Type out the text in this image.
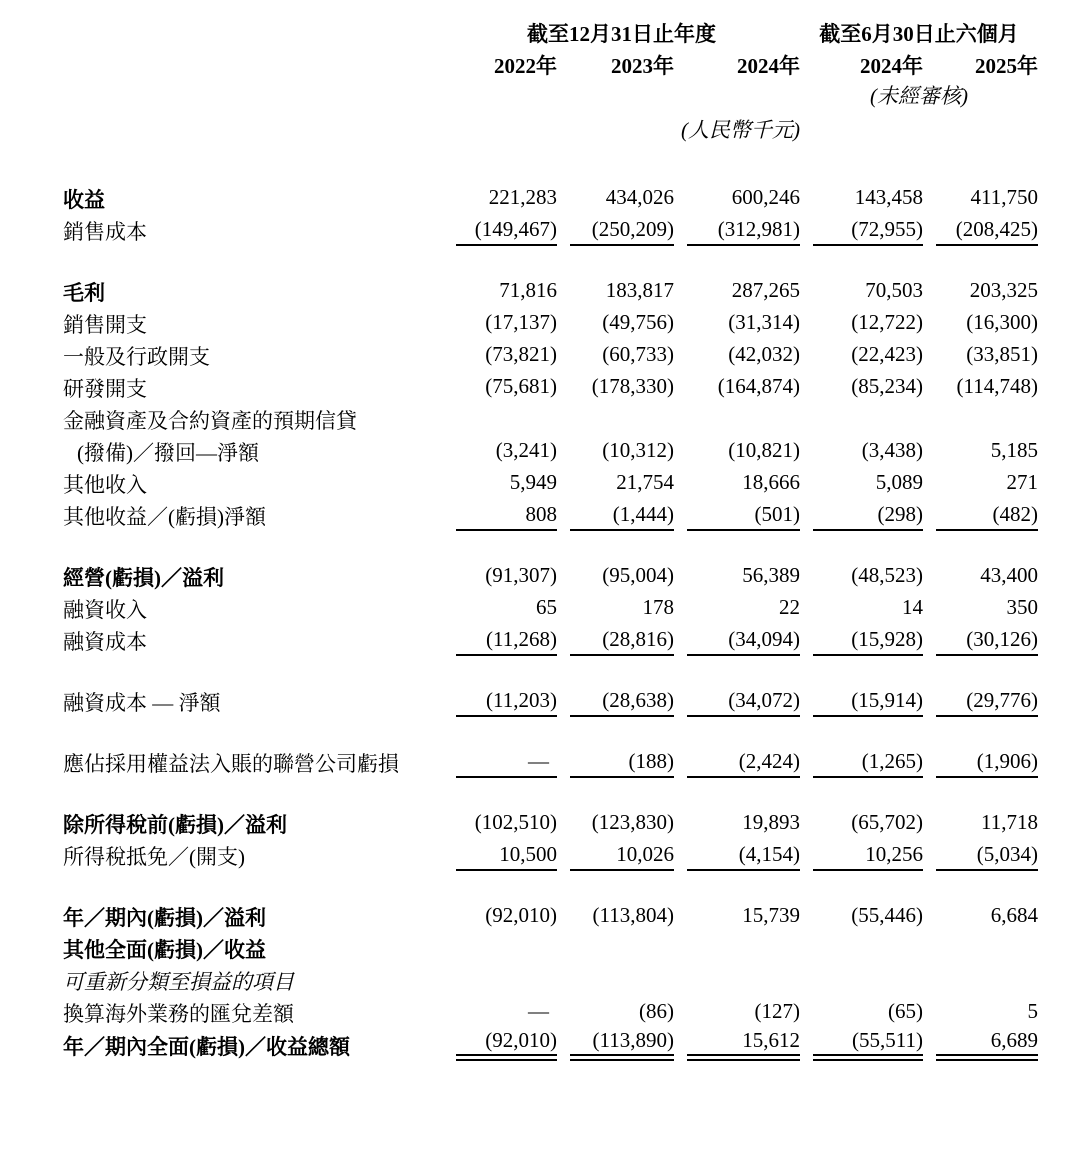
	截至12月31日止年度			截至6月30日止六個月	
	2022年	2023年	2024年	2024年	2025年
				(未經審核)	
	(人民幣千元)				

收益	221,283	434,026	600,246	143,458	411,750

銷售成本	(149,467)	(250,209)	(312,981)	(72,955)	(208,425)

毛利	71,816	183,817	287,265	70,503	203,325

銷售開支	(17,137)	(49,756)	(31,314)	(12,722)	(16,300)

一般及行政開支	(73,821)	(60,733)	(42,032)	(22,423)	(33,851)

研發開支	(75,681)	(178,330)	(164,874)	(85,234)	(114,748)

金融資產及合約資產的預期信貸	

(撥備)／撥回—淨額	(3,241)	(10,312)	(10,821)	(3,438)	5,185

其他收入	5,949	21,754	18,666	5,089	271

其他收益／(虧損)淨額	808	(1,444)	(501)	(298)	(482)

經營(虧損)／溢利	(91,307)	(95,004)	56,389	(48,523)	43,400

融資收入	65	178	22	14	350

融資成本	(11,268)	(28,816)	(34,094)	(15,928)	(30,126)

融資成本 — 淨額	(11,203)	(28,638)	(34,072)	(15,914)	(29,776)

應佔採用權益法入賬的聯營公司虧損	—	(188)	(2,424)	(1,265)	(1,906)

除所得稅前(虧損)／溢利	(102,510)	(123,830)	19,893	(65,702)	11,718

所得稅抵免／(開支)	10,500	10,026	(4,154)	10,256	(5,034)

年／期內(虧損)／溢利	(92,010)	(113,804)	15,739	(55,446)	6,684

其他全面(虧損)／收益	

可重新分類至損益的項目	

換算海外業務的匯兌差額	—	(86)	(127)	(65)	5

年／期內全面(虧損)／收益總額	(92,010)	(113,890)	15,612	(55,511)	6,689
